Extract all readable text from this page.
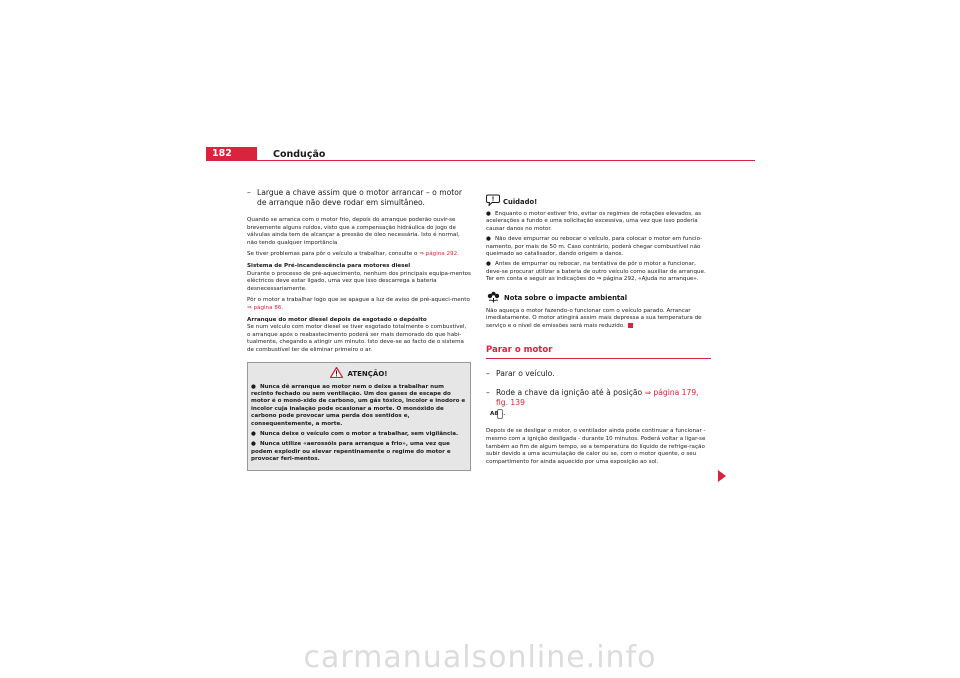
182	Condução
– Largue a chave assim que o motor arrancar – o motor de arranque não deve rodar em simultâneo.

Quando se arranca com o motor frio, depois do arranque poderão ouvir-se brevemente alguns ruídos, visto que a compensação hidráulica do jogo de válvulas ainda tem de alcançar a pressão de óleo necessária. Isto é normal, não tendo qualquer importância

Se tiver problemas para pôr o veículo a trabalhar, consulte o ⇒ página 292.

Sistema de Pré-incandescência para motores diesel

Durante o processo de pré-aquecimento, nenhum dos principais equipa-mentos eléctricos deve estar ligado, uma vez que isso descarrega a bateria desnecessariamente.

Pôr o motor a trabalhar logo que se apague a luz de aviso de pré-aqueci-mento ⇒ página 86.

Arranque do motor diesel depois de esgotado o depósito

Se num veículo com motor diesel se tiver esgotado totalmente o combustível, o arranque após o reabastecimento poderá ser mais demorado do que habi-tualmente, chegando a atingir um minuto. Isto deve-se ao facto de o sistema de combustível ter de eliminar primeiro o ar.

ATENÇÃO!

● Nunca dê arranque ao motor nem o deixe a trabalhar num recinto fechado ou sem ventilação. Um dos gases de escape do motor é o monó-xido de carbono, um gás tóxico, incolor e inodoro e incolor cuja inalação pode ocasionar a morte. O monóxido de carbono pode provocar uma perda dos sentidos e, consequentemente, a morte.

● Nunca deixe o veículo com o motor a trabalhar, sem vigilância.

● Nunca utilize «aerossóis para arranque a frio», uma vez que podem explodir ou elevar repentinamente o regime do motor e provocar feri-mentos.

Cuidado!

● Enquanto o motor estiver frio, evitar os regimes de rotações elevados, as acelerações a fundo e uma solicitação excessiva, uma vez que isso poderia causar danos no motor.

● Não deve empurrar ou rebocar o veículo, para colocar o motor em funcio-namento, por mais de 50 m. Caso contrário, poderá chegar combustível não queimado ao catalisador, dando origem a danos.

● Antes de empurrar ou rebocar, na tentativa de pôr o motor a funcionar, deve-se procurar utilizar a bateria de outro veículo como auxiliar de arranque. Ter em conta e seguir as indicações do ⇒ página 292, «Ajuda no arranque».

Nota sobre o impacte ambiental

Não aqueça o motor fazendo-o funcionar com o veículo parado. Arrancar imediatamente. O motor atingirá assim mais depressa a sua temperatura de serviço e o nível de emissões será mais reduzido.

Parar o motor
– Parar o veículo.
– Rode a chave da ignição até à posição ⇒ página 179, fig. 139
A8 .

Depois de se desligar o motor, o ventilador ainda pode continuar a funcionar - mesmo com a ignição desligada - durante 10 minutos. Poderá voltar a ligar-se também ao fim de algum tempo, se a temperatura do líquido de refrige-ração subir devido a uma acumulação de calor ou se, com o motor quente, o seu compartimento for ainda aquecido por uma exposição ao sol.

carmanualsonline.info
